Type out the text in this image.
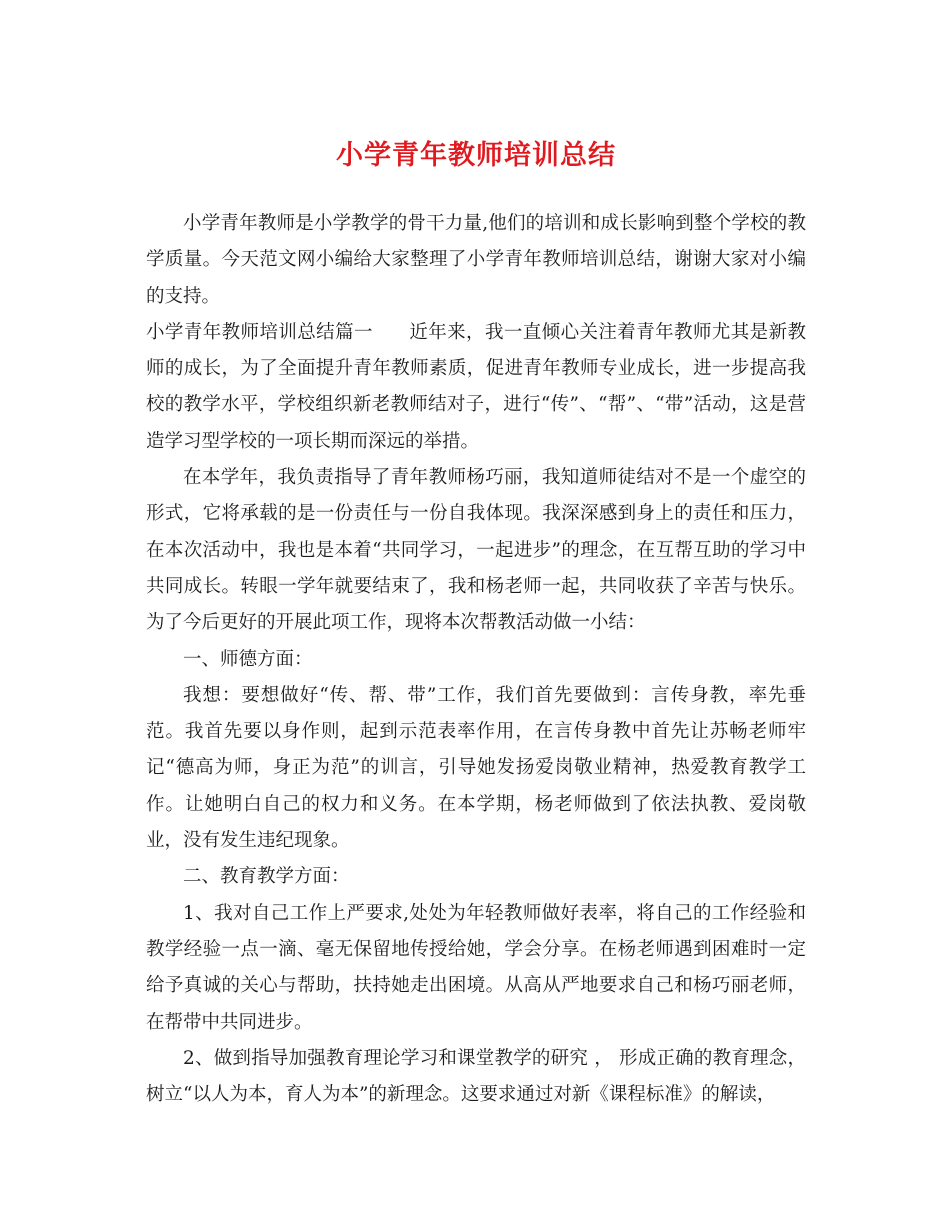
小学青年教师培训总结

小学青年教师是小学教学的骨干力量,他们的培训和成长影响到整个学校的教学质量。今天范文网小编给大家整理了小学青年教师培训总结，谢谢大家对小编的支持。

小学青年教师培训总结篇一 近年来，我一直倾心关注着青年教师尤其是新教师的成长，为了全面提升青年教师素质，促进青年教师专业成长，进一步提高我校的教学水平，学校组织新老教师结对子，进行“传”、“帮”、“带”活动，这是营造学习型学校的一项长期而深远的举措。

在本学年，我负责指导了青年教师杨巧丽，我知道师徒结对不是一个虚空的形式，它将承载的是一份责任与一份自我体现。我深深感到身上的责任和压力，在本次活动中，我也是本着“共同学习，一起进步”的理念，在互帮互助的学习中共同成长。转眼一学年就要结束了，我和杨老师一起，共同收获了辛苦与快乐。为了今后更好的开展此项工作，现将本次帮教活动做一小结：

一、师德方面：

我想：要想做好“传、帮、带”工作，我们首先要做到：言传身教，率先垂范。我首先要以身作则，起到示范表率作用，在言传身教中首先让苏畅老师牢记“德高为师，身正为范”的训言，引导她发扬爱岗敬业精神，热爱教育教学工作。让她明白自己的权力和义务。在本学期，杨老师做到了依法执教、爱岗敬业，没有发生违纪现象。

二、教育教学方面：

1、我对自己工作上严要求,处处为年轻教师做好表率，将自己的工作经验和教学经验一点一滴、毫无保留地传授给她，学会分享。在杨老师遇到困难时一定给予真诚的关心与帮助，扶持她走出困境。从高从严地要求自己和杨巧丽老师，在帮带中共同进步。

2、做到指导加强教育理论学习和课堂教学的研究 ， 形成正确的教育理念，树立“以人为本，育人为本”的新理念。这要求通过对新《课程标准》的解读，
